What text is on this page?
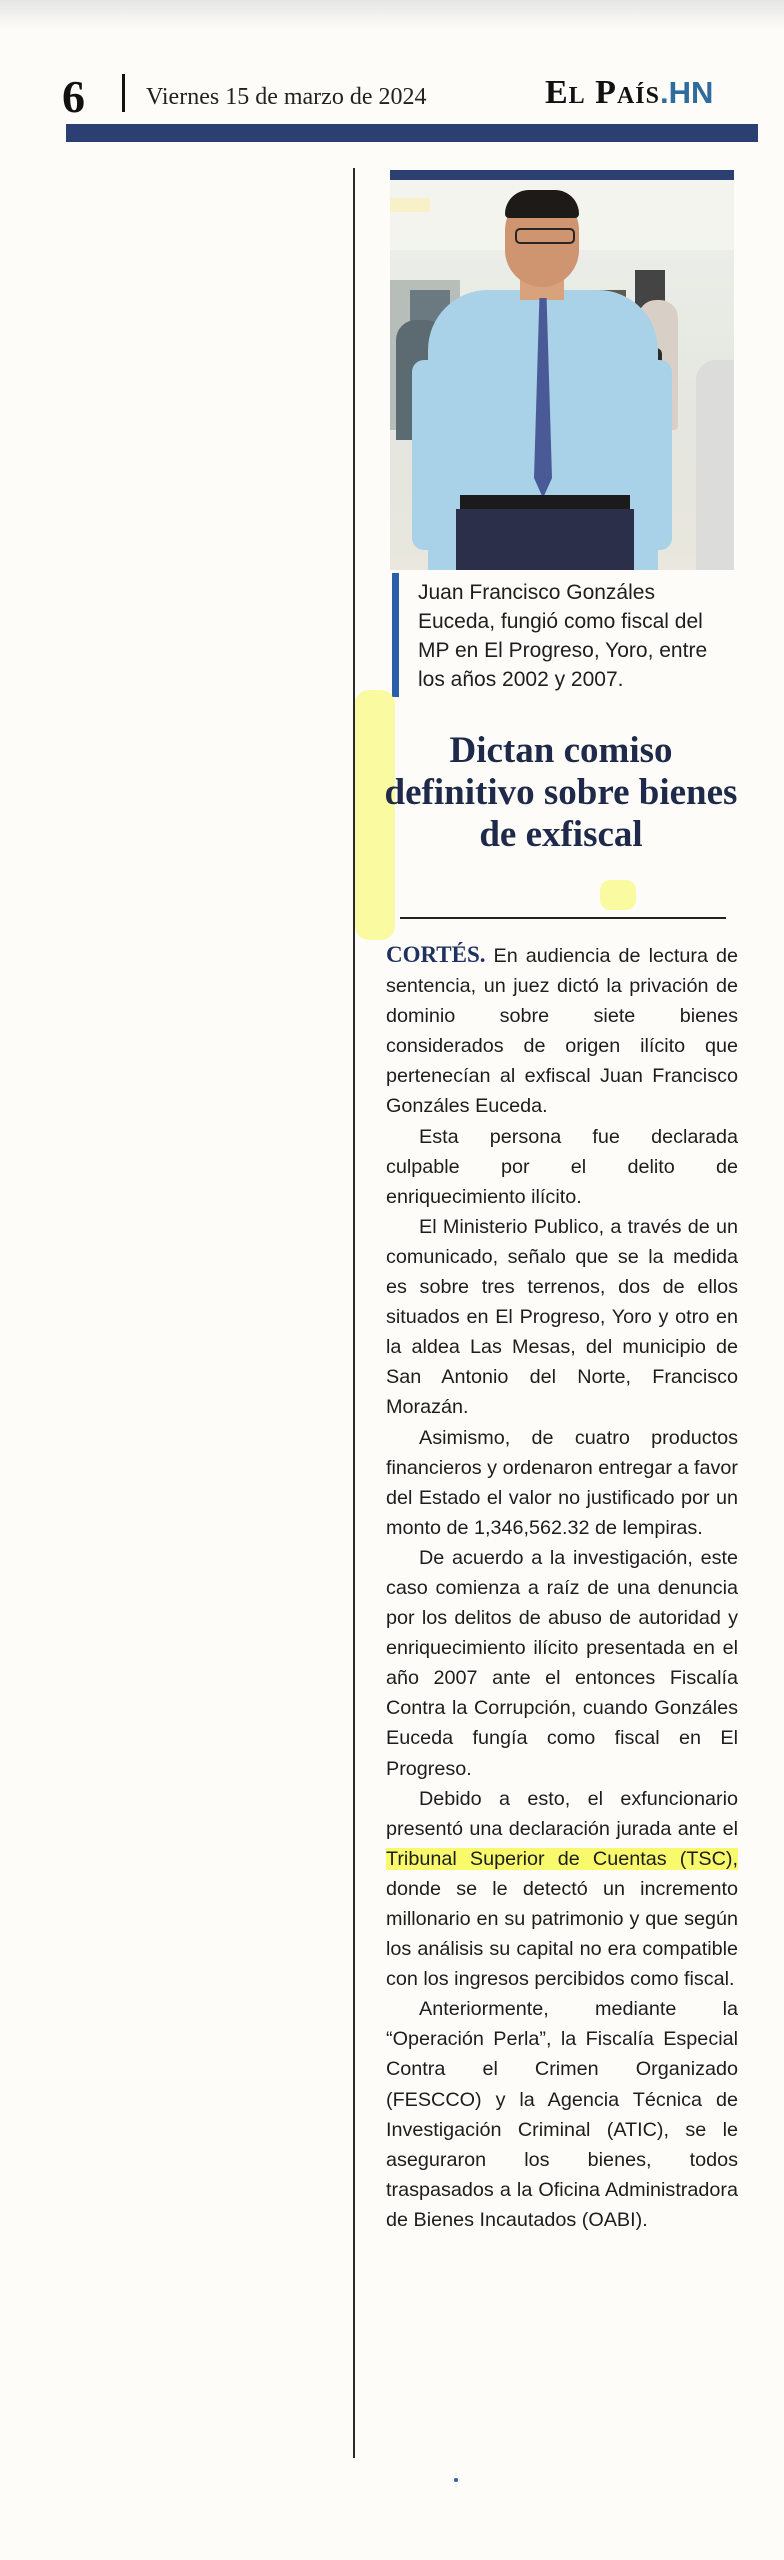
6	Viernes 15 de marzo de 2024	El País.HN
Juan Francisco Gonzáles Euceda, fungió como fiscal del MP en El Progreso, Yoro, entre los años 2002 y 2007.
Dictan comiso definitivo sobre bienes de exfiscal

CORTÉS. En audiencia de lectura de sentencia, un juez dictó la privación de dominio sobre siete bienes considerados de origen ilícito que pertenecían al exfiscal Juan Francisco Gonzáles Euceda.

Esta persona fue declarada culpable por el delito de enriquecimiento ilícito.

El Ministerio Publico, a través de un comunicado, señalo que se la medida es sobre tres terrenos, dos de ellos situados en El Progreso, Yoro y otro en la aldea Las Mesas, del municipio de San Antonio del Norte, Francisco Morazán.

Asimismo, de cuatro productos financieros y ordenaron entregar a favor del Estado el valor no justificado por un monto de 1,346,562.32 de lempiras.

De acuerdo a la investigación, este caso comienza a raíz de una denuncia por los delitos de abuso de autoridad y enriquecimiento ilícito presentada en el año 2007 ante el entonces Fiscalía Contra la Corrupción, cuando Gonzáles Euceda fungía como fiscal en El Progreso.

Debido a esto, el exfuncionario presentó una declaración jurada ante el Tribunal Superior de Cuentas (TSC), donde se le detectó un incremento millonario en su patrimonio y que según los análisis su capital no era compatible con los ingresos percibidos como fiscal.

Anteriormente, mediante la “Operación Perla”, la Fiscalía Especial Contra el Crimen Organizado (FESCCO) y la Agencia Técnica de Investigación Criminal (ATIC), se le aseguraron los bienes, todos traspasados a la Oficina Administradora de Bienes Incautados (OABI).
